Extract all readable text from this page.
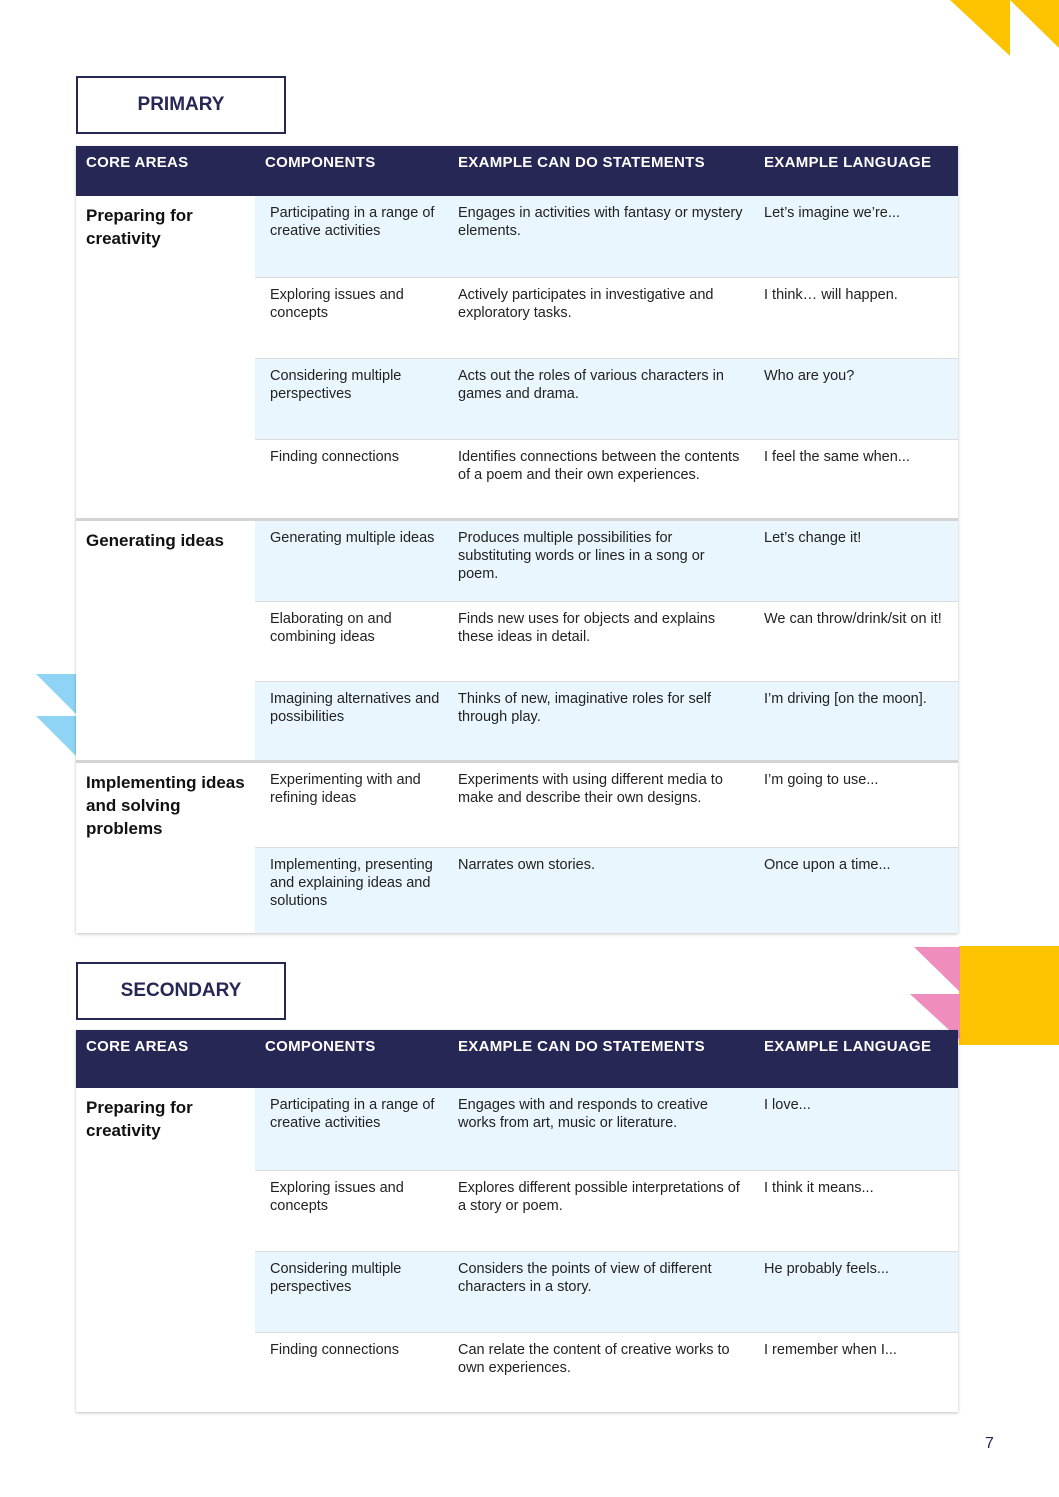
PRIMARY
CORE AREAS	COMPONENTS	EXAMPLE CAN DO STATEMENTS	EXAMPLE LANGUAGE
Preparing for creativity	Participating in a range of creative activities	Engages in activities with fantasy or mystery elements.	Let’s imagine we’re...
	Exploring issues and concepts	Actively participates in investigative and exploratory tasks.	I think… will happen.
	Considering multiple perspectives	Acts out the roles of various characters in games and drama.	Who are you?
	Finding connections	Identifies connections between the contents of a poem and their own experiences.	I feel the same when...
Generating ideas	Generating multiple ideas	Produces multiple possibilities for substituting words or lines in a song or poem.	Let’s change it!
	Elaborating on and combining ideas	Finds new uses for objects and explains these ideas in detail.	We can throw/drink/sit on it!
	Imagining alternatives and possibilities	Thinks of new, imaginative roles for self through play.	I’m driving [on the moon].
Implementing ideas and solving problems	Experimenting with and refining ideas	Experiments with using different media to make and describe their own designs.	I’m going to use...
	Implementing, presenting and explaining ideas and solutions	Narrates own stories.	Once upon a time...
SECONDARY
CORE AREAS	COMPONENTS	EXAMPLE CAN DO STATEMENTS	EXAMPLE LANGUAGE
Preparing for creativity	Participating in a range of creative activities	Engages with and responds to creative works from art, music or literature.	I love...
	Exploring issues and concepts	Explores different possible interpretations of a story or poem.	I think it means...
	Considering multiple perspectives	Considers the points of view of different characters in a story.	He probably feels...
	Finding connections	Can relate the content of creative works to own experiences.	I remember when I...
7
